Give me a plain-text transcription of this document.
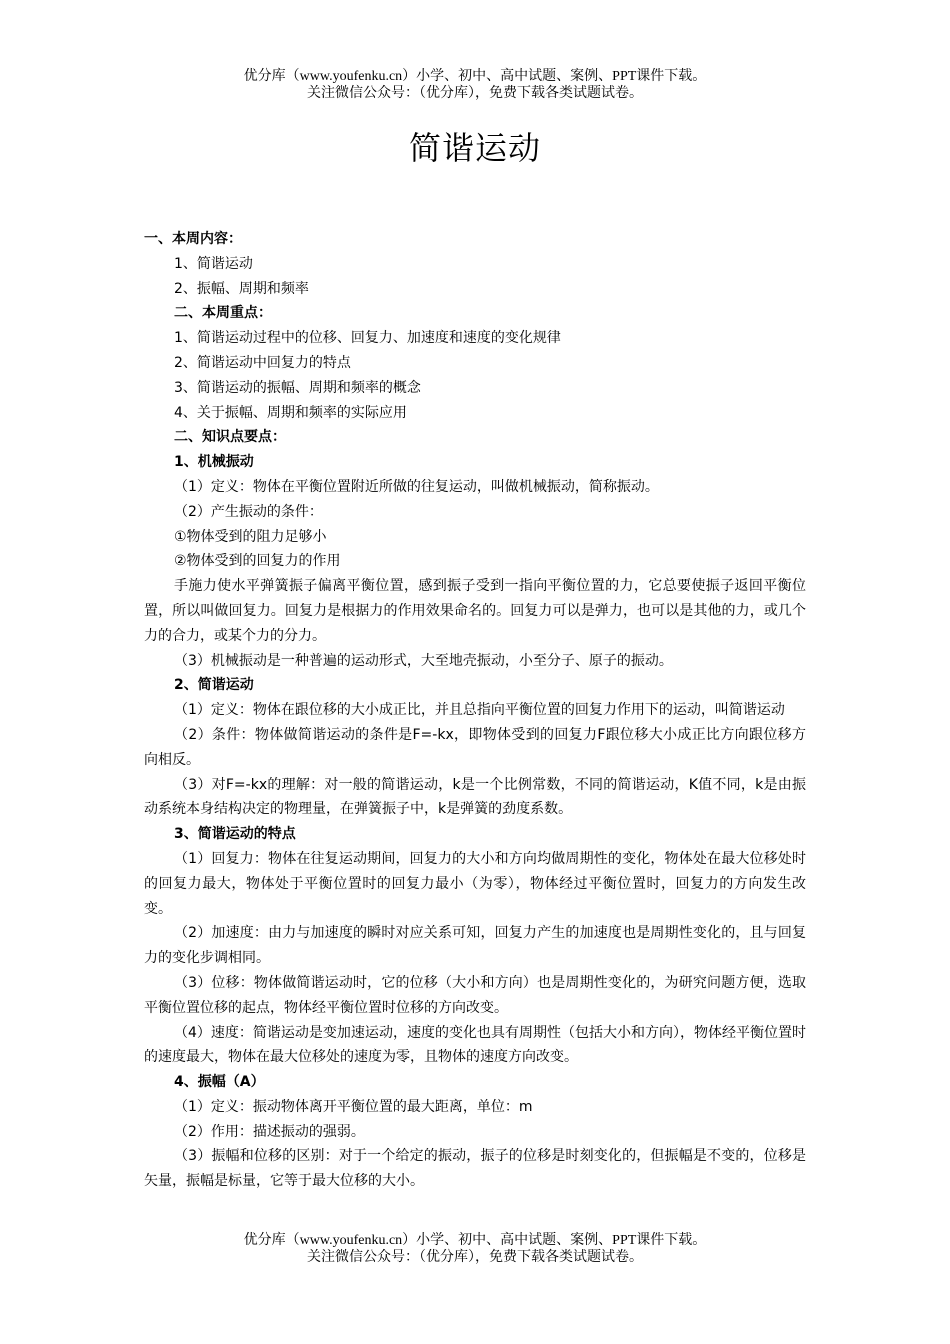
优分库（www.youfenku.cn）小学、初中、高中试题、案例、PPT课件下载。
关注微信公众号：（优分库），免费下载各类试题试卷。
简谐运动

一、本周内容：

1、简谐运动

2、振幅、周期和频率

二、本周重点：

1、简谐运动过程中的位移、回复力、加速度和速度的变化规律

2、简谐运动中回复力的特点

3、简谐运动的振幅、周期和频率的概念

4、关于振幅、周期和频率的实际应用

二、知识点要点：

1、机械振动

（1）定义：物体在平衡位置附近所做的往复运动，叫做机械振动，简称振动。

（2）产生振动的条件：

①物体受到的阻力足够小

②物体受到的回复力的作用

手施力使水平弹簧振子偏离平衡位置，感到振子受到一指向平衡位置的力，它总要使振子返回平衡位置，所以叫做回复力。回复力是根据力的作用效果命名的。回复力可以是弹力，也可以是其他的力，或几个力的合力，或某个力的分力。

（3）机械振动是一种普遍的运动形式，大至地壳振动，小至分子、原子的振动。

2、简谐运动

（1）定义：物体在跟位移的大小成正比，并且总指向平衡位置的回复力作用下的运动，叫简谐运动

（2）条件：物体做简谐运动的条件是F=-kx，即物体受到的回复力F跟位移大小成正比方向跟位移方向相反。

（3）对F=-kx的理解：对一般的简谐运动，k是一个比例常数，不同的简谐运动，K值不同，k是由振动系统本身结构决定的物理量，在弹簧振子中，k是弹簧的劲度系数。

3、简谐运动的特点

（1）回复力：物体在往复运动期间，回复力的大小和方向均做周期性的变化，物体处在最大位移处时的回复力最大，物体处于平衡位置时的回复力最小（为零），物体经过平衡位置时，回复力的方向发生改变。

（2）加速度：由力与加速度的瞬时对应关系可知，回复力产生的加速度也是周期性变化的，且与回复力的变化步调相同。

（3）位移：物体做简谐运动时，它的位移（大小和方向）也是周期性变化的，为研究问题方便，选取平衡位置位移的起点，物体经平衡位置时位移的方向改变。

（4）速度：简谐运动是变加速运动，速度的变化也具有周期性（包括大小和方向），物体经平衡位置时的速度最大，物体在最大位移处的速度为零，且物体的速度方向改变。

4、振幅（A）

（1）定义：振动物体离开平衡位置的最大距离，单位：m

（2）作用：描述振动的强弱。

（3）振幅和位移的区别：对于一个给定的振动，振子的位移是时刻变化的，但振幅是不变的，位移是矢量，振幅是标量，它等于最大位移的大小。

优分库（www.youfenku.cn）小学、初中、高中试题、案例、PPT课件下载。
关注微信公众号：（优分库），免费下载各类试题试卷。
